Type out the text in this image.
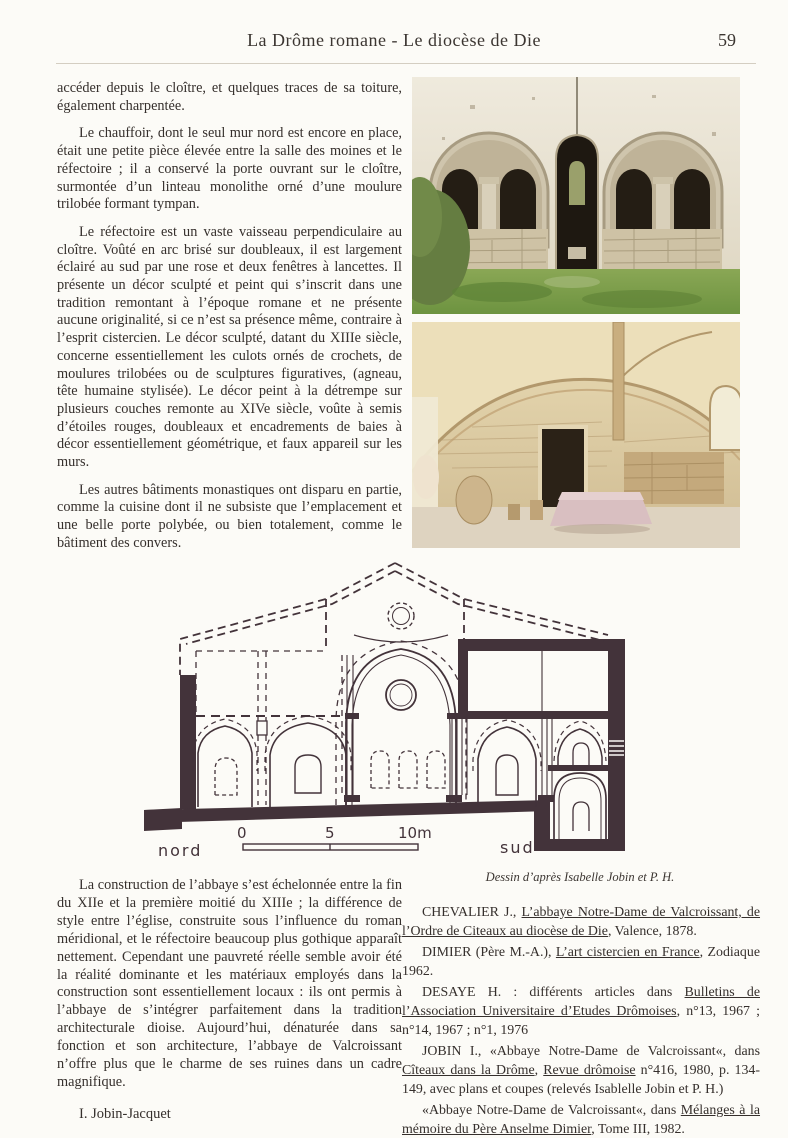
La Drôme romane - Le diocèse de Die	59

accéder depuis le cloître, et quelques traces de sa toiture, également charpentée.

Le chauffoir, dont le seul mur nord est encore en place, était une petite pièce élevée entre la salle des moines et le réfectoire ; il a conservé la porte ouvrant sur le cloître, surmontée d’un linteau monolithe orné d’une moulure trilobée formant tympan.

Le réfectoire est un vaste vaisseau perpendiculaire au cloître. Voûté en arc brisé sur doubleaux, il est largement éclairé au sud par une rose et deux fenêtres à lancettes. Il présente un décor sculpté et peint qui s’inscrit dans une tradition remontant à l’époque romane et ne présente aucune originalité, si ce n’est sa présence même, contraire à l’esprit cistercien. Le décor sculpté, datant du XIIIe siècle, concerne essentiellement les culots ornés de crochets, de moulures trilobées ou de sculptures figuratives, (agneau, tête humaine stylisée). Le décor peint à la détrempe sur plusieurs couches remonte au XIVe siècle, voûte à semis d’étoiles rouges, doubleaux et encadrements de baies à décor essentiellement géométrique, et faux appareil sur les murs.

Les autres bâtiments monastiques ont disparu en partie, comme la cuisine dont il ne subsiste que l’emplacement et une belle porte polybée, ou bien totalement, comme le bâtiment des convers.

0	5	10m
nord	sud
Dessin d’après Isabelle Jobin et P. H.

La construction de l’abbaye s’est échelonnée entre la fin du XIIe et la première moitié du XIIIe ; la différence de style entre l’église, construite sous l’influence du roman méridional, et le réfectoire beaucoup plus gothique apparaît nettement. Cependant une pauvreté réelle semble avoir été la réalité dominante et les matériaux employés dans la construction sont essentiellement locaux : ils ont permis à l’abbaye de s’intégrer parfaitement dans la tradition architecturale dioise. Aujourd’hui, dénaturée dans sa fonction et son architecture, l’abbaye de Valcroissant n’offre plus que le charme de ses ruines dans un cadre magnifique.

I. Jobin-Jacquet

CHEVALIER J., L’abbaye Notre-Dame de Valcroissant, de l’Ordre de Citeaux au diocèse de Die, Valence, 1878.

DIMIER (Père M.-A.), L’art cistercien en France, Zodiaque 1962.

DESAYE H. : différents articles dans Bulletins de l’Association Universitaire d’Etudes Drômoises, n°13, 1967 ; n°14, 1967 ; n°1, 1976

JOBIN I., «Abbaye Notre-Dame de Valcroissant«, dans Cîteaux dans la Drôme, Revue drômoise n°416, 1980, p. 134-149, avec plans et coupes (relevés Isablelle Jobin et P. H.)

«Abbaye Notre-Dame de Valcroissant«, dans Mélanges à la mémoire du Père Anselme Dimier, Tome III, 1982.
